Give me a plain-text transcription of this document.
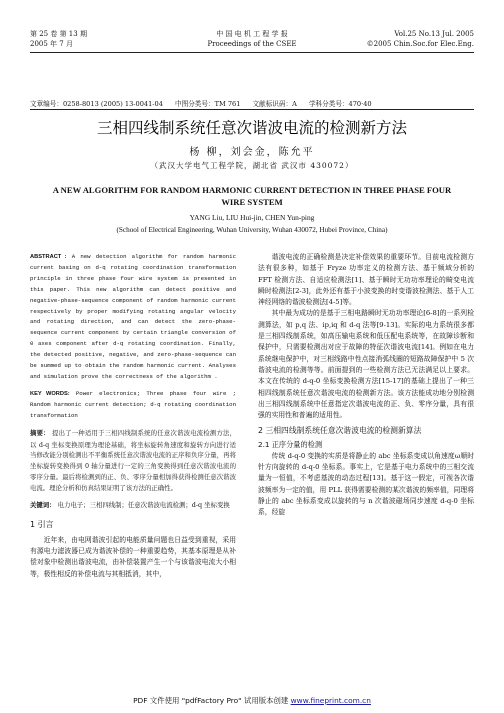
第 25 卷 第 13 期	中 国 电 机 工 程 学 报	Vol.25 No.13 Jul. 2005
2005 年 7 月	Proceedings of the CSEE	©2005 Chin.Soc.for Elec.Eng.
文章编号：0258-8013 (2005) 13-0041-04 中图分类号：TM 761 文献标识码：A 学科分类号：470·40
三相四线制系统任意次谐波电流的检测新方法
杨 柳，刘会金，陈允平
（武汉大学电气工程学院，湖北省 武汉市 430072）
A NEW ALGORITHM FOR RANDOM HARMONIC CURRENT DETECTION IN THREE PHASE FOUR WIRE SYSTEM
YANG Liu, LIU Hui-jin, CHEN Yun-ping
(School of Electrical Engineering, Wuhan University, Wuhan 430072, Hubei Province, China)
ABSTRACT : A new detection algorithm for random harmonic current basing on d-q rotating coordination transformation principle in three phase four wire system is presented in this paper. This new algorithm can detect positive and negative-phase-sequence component of random harmonic current respectively by proper modifying rotating angular velocity and rotating direction, and can detect the zero-phase-sequence current component by certain triangle conversion of 0 axes component after d-q rotating coordination. Finally, the detected positive, negative, and zero-phase-sequence can be summed up to obtain the random harmonic current. Analyses and simulation prove the correctness of the algorithm .
KEY WORDS: Power electronics; Three phase four wire ; Random harmonic current detection; d-q rotating coordination transformation
摘要： 提出了一种适用于三相四线制系统的任意次谐波电流检测方法，以 d-q 坐标变换原理为理论基础，将坐标旋转角速度和旋转方向进行适当修改能分别检测出不平衡系统任意次谐波电流的正序和负序分量，再将坐标旋转变换得到 0 轴分量进行一定的三角变换得到任意次谐波电流的零序分量。最后将检测到的正、负、零序分量相加得获得检测任意次谐波电流。理论分析和仿真结果证明了该方法的正确性。
关键词： 电力电子；三相四线制；任意次谐波电流检测；d-q 坐标变换
1 引言
近年来，由电网谐波引起的电能质量问题也日益受到重视，采用有源电力滤波器已成为谐波补偿的一种重要趋势，其基本原理是从补偿对象中检测出谐波电流，由补偿装置产生一个与该谐波电流大小相等，极性相反的补偿电流与其相抵消，其中，

谐波电流的正确检测是决定补偿效果的重要环节。目前电流检测方法有很多种，如基于 Fryze 功率定义的检测方法、基于频域分析的 FFT 检测方法、自适应检测法[1]、基于瞬时无功功率理论的畸变电流瞬时检测法[2-3]，此外还有基于小波变换的时变谐波检测法、基于人工神经网络的谐波检测法[4-5]等。

其中最为成功的是基于三相电路瞬时无功功率理论[6-8]的一系列检测算法，如 p,q 法、ip,iq 和 d-q 法等[9-13]。实际的电力系统很多都是三相四线制系统，如高压输电系统和低压配电系统等，在故障诊断和保护中，只需要检测出对应于故障的特征次谐波电流[14]。例如在电力系统继电保护中，对三相线路中性点接消弧线圈的短路故障保护中 5 次谐波电流的检测等等。前面提到的一些检测方法已无法满足以上要求。本文在传统的 d-q-0 坐标变换检测方法[15-17]的基础上提出了一种三相四线制系统任意次谐波电流的检测新方法。该方法能成功地分别检测出三相四线制系统中任意指定次谐波电流的正、负、零序分量，具有很强的实用性和普遍的适用性。

2 三相四线制系统任意次谐波电流的检测新算法
2.1 正序分量的检测

传统 d-q-0 变换的实质是将静止的 abc 坐标系变成以角速度ω顺时针方向旋转的 d-q-0 坐标系。事实上，它是基于电力系统中的三相交流量为一恒值，不考虑基波的动态过程[13]。基于这一假定，可视各次谐波频率为一定的值，用 PLL 获得需要检测的某次谐波的频率值，同理将静止的 abc 坐标系变成以旋转的与 n 次谐波磁场同步速度 d-q-0 坐标系，经旋

PDF 文件使用 "pdfFactory Pro" 试用版本创建 www.fineprint.com.cn
